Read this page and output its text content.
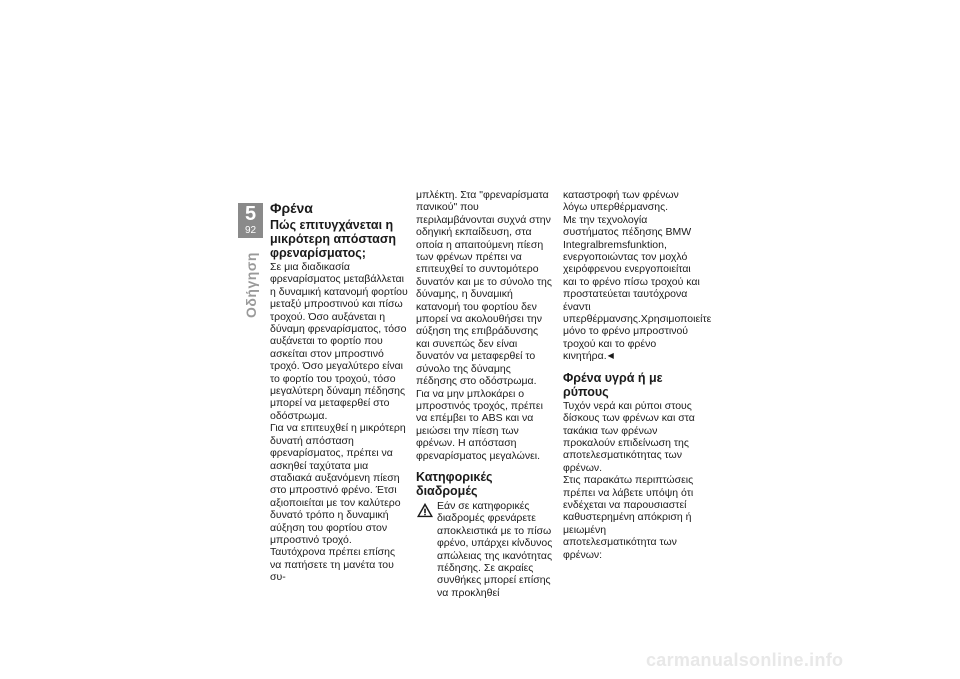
5
92
Οδήγηση
Φρένα
Πώς επιτυγχάνεται η μικρότερη απόσταση φρεναρίσματος;

Σε μια διαδικασία φρεναρίσματος μεταβάλλεται η δυναμική κατανομή φορτίου μεταξύ μπροστινού και πίσω τροχού. Όσο αυξάνεται η δύναμη φρεναρίσματος, τόσο αυξάνεται το φορτίο που ασκείται στον μπροστινό τροχό. Όσο μεγαλύτερο είναι το φορτίο του τροχού, τόσο μεγαλύτερη δύναμη πέδησης μπορεί να μεταφερθεί στο οδόστρωμα.

Για να επιτευχθεί η μικρότερη δυνατή απόσταση φρεναρίσματος, πρέπει να ασκηθεί ταχύτατα μια σταδιακά αυξανόμενη πίεση στο μπροστινό φρένο. Έτσι αξιοποιείται με τον καλύτερο δυνατό τρόπο η δυναμική αύξηση του φορτίου στον μπροστινό τροχό. Ταυτόχρονα πρέπει επίσης να πατήσετε τη μανέτα του συ-

μπλέκτη. Στα "φρεναρίσματα πανικού" που περιλαμβάνονται συχνά στην οδηγική εκπαίδευση, στα οποία η απαιτούμενη πίεση των φρένων πρέπει να επιτευχθεί το συντομότερο δυνατόν και με το σύνολο της δύναμης, η δυναμική κατανομή του φορτίου δεν μπορεί να ακολουθήσει την αύξηση της επιβράδυνσης και συνεπώς δεν είναι δυνατόν να μεταφερθεί το σύνολο της δύναμης πέδησης στο οδόστρωμα.

Για να μην μπλοκάρει ο μπροστινός τροχός, πρέπει να επέμβει το ABS και να μειώσει την πίεση των φρένων. Η απόσταση φρεναρίσματος μεγαλώνει.

Κατηφορικές διαδρομές

Εάν σε κατηφορικές διαδρομές φρενάρετε αποκλειστικά με το πίσω φρένο, υπάρχει κίνδυνος απώλειας της ικανότητας πέδησης. Σε ακραίες συνθήκες μπορεί επίσης να προκληθεί

καταστροφή των φρένων λόγω υπερθέρμανσης.

Με την τεχνολογία συστήματος πέδησης BMW Integralbremsfunktion, ενεργοποιώντας τον μοχλό χειρόφρενου ενεργοποιείται και το φρένο πίσω τροχού και προστατεύεται ταυτόχρονα έναντι υπερθέρμανσης.Χρησιμοποιείτε μόνο το φρένο μπροστινού τροχού και το φρένο κινητήρα.◀

Φρένα υγρά ή με ρύπους

Τυχόν νερά και ρύποι στους δίσκους των φρένων και στα τακάκια των φρένων προκαλούν επιδείνωση της αποτελεσματικότητας των φρένων.

Στις παρακάτω περιπτώσεις πρέπει να λάβετε υπόψη ότι ενδέχεται να παρουσιαστεί καθυστερημένη απόκριση ή μειωμένη αποτελεσματικότητα των φρένων:

carmanualsonline.info
